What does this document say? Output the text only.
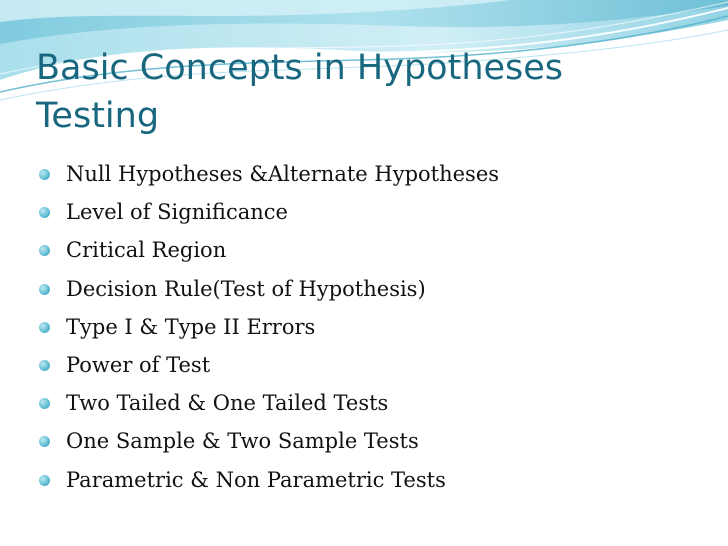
Basic Concepts in Hypotheses Testing
Null Hypotheses &Alternate Hypotheses
Level of Significance
Critical Region
Decision Rule(Test of Hypothesis)
Type I & Type II Errors
Power of Test
Two Tailed & One Tailed Tests
One Sample & Two Sample Tests
Parametric & Non Parametric Tests
